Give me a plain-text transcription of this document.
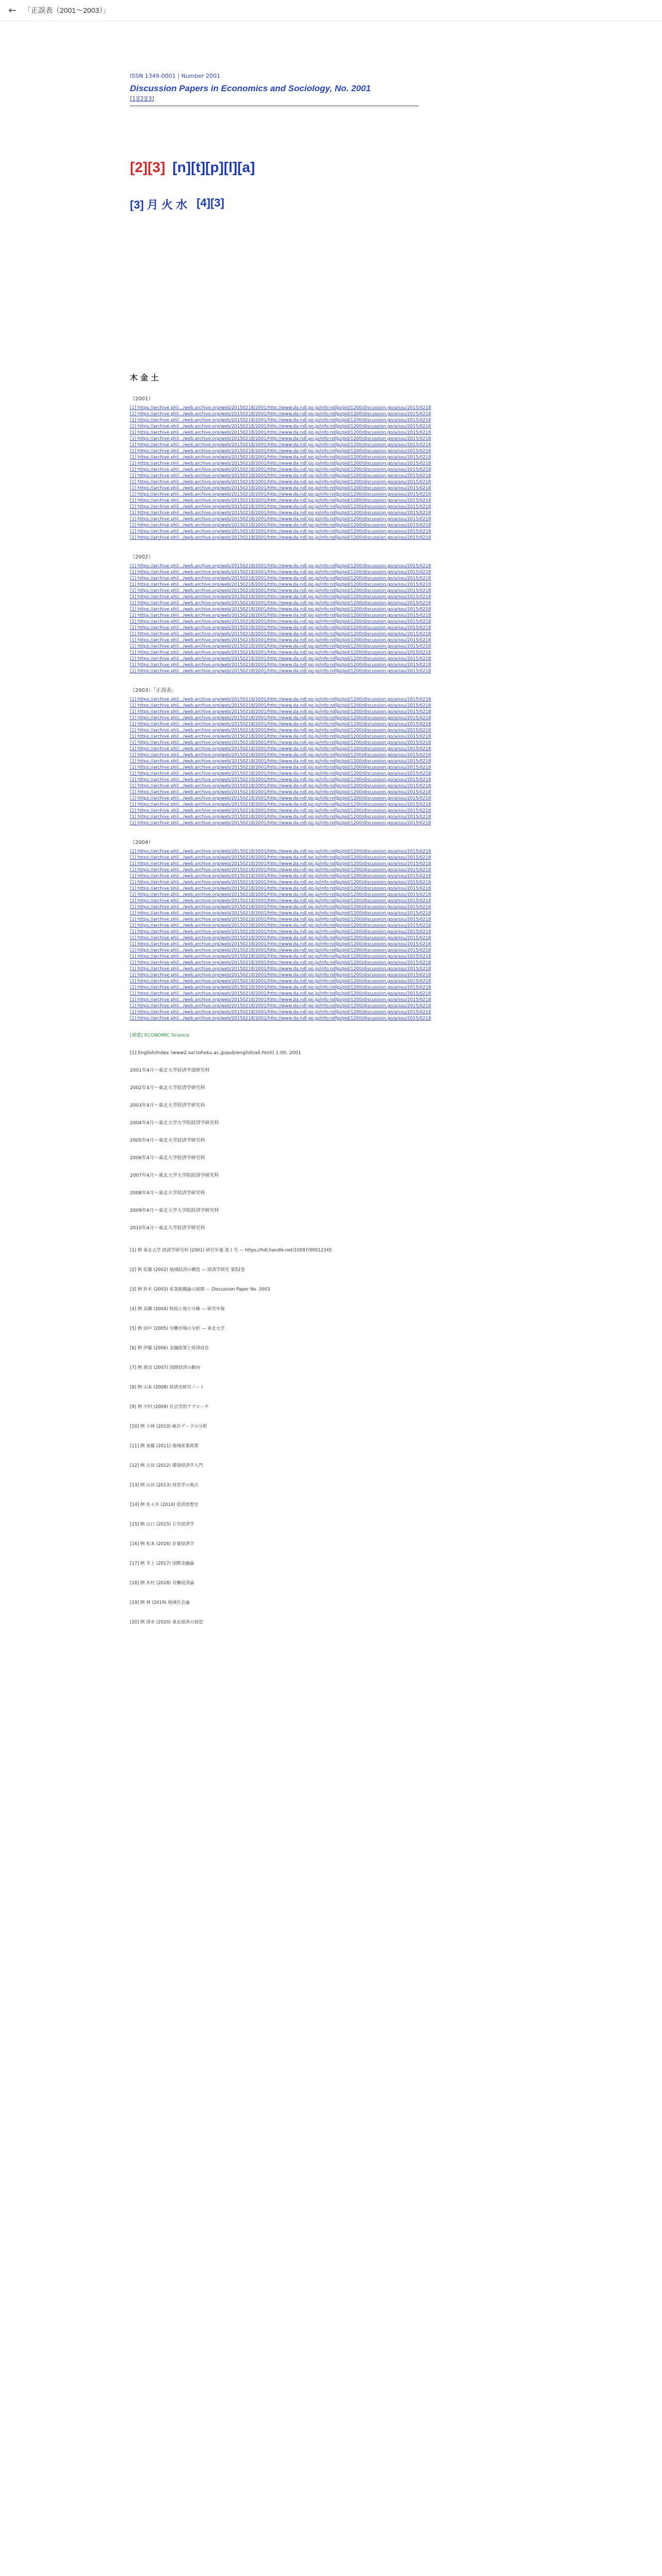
←	「正誤表（2001〜2003）」
ISSN 1349-0001 | Number 2001
Discussion Papers in Economics and Sociology, No. 2001
[1][2][3]
[2][3] [n][t][p][l][a]
[3] 月 火 水 [4][3]
木 金 土
（2001）
[1] https://archive.phil.../web.archive.org/web/20150218/2001/http://www.da.ndl.go.jp/info:ndljp/pid/1200/discussion.go/a/ssu/2015/0218
[1] https://archive.phil.../web.archive.org/web/20150218/2001/http://www.da.ndl.go.jp/info:ndljp/pid/1200/discussion.go/a/ssu/2015/0218
[1] https://archive.phil.../web.archive.org/web/20150218/2001/http://www.da.ndl.go.jp/info:ndljp/pid/1200/discussion.go/a/ssu/2015/0218
[1] https://archive.phil.../web.archive.org/web/20150218/2001/http://www.da.ndl.go.jp/info:ndljp/pid/1200/discussion.go/a/ssu/2015/0218
[1] https://archive.phil.../web.archive.org/web/20150218/2001/http://www.da.ndl.go.jp/info:ndljp/pid/1200/discussion.go/a/ssu/2015/0218
[1] https://archive.phil.../web.archive.org/web/20150218/2001/http://www.da.ndl.go.jp/info:ndljp/pid/1200/discussion.go/a/ssu/2015/0218
[1] https://archive.phil.../web.archive.org/web/20150218/2001/http://www.da.ndl.go.jp/info:ndljp/pid/1200/discussion.go/a/ssu/2015/0218
[1] https://archive.phil.../web.archive.org/web/20150218/2001/http://www.da.ndl.go.jp/info:ndljp/pid/1200/discussion.go/a/ssu/2015/0218
[1] https://archive.phil.../web.archive.org/web/20150218/2001/http://www.da.ndl.go.jp/info:ndljp/pid/1200/discussion.go/a/ssu/2015/0218
[1] https://archive.phil.../web.archive.org/web/20150218/2001/http://www.da.ndl.go.jp/info:ndljp/pid/1200/discussion.go/a/ssu/2015/0218
[1] https://archive.phil.../web.archive.org/web/20150218/2001/http://www.da.ndl.go.jp/info:ndljp/pid/1200/discussion.go/a/ssu/2015/0218
[1] https://archive.phil.../web.archive.org/web/20150218/2001/http://www.da.ndl.go.jp/info:ndljp/pid/1200/discussion.go/a/ssu/2015/0218
[1] https://archive.phil.../web.archive.org/web/20150218/2001/http://www.da.ndl.go.jp/info:ndljp/pid/1200/discussion.go/a/ssu/2015/0218
[1] https://archive.phil.../web.archive.org/web/20150218/2001/http://www.da.ndl.go.jp/info:ndljp/pid/1200/discussion.go/a/ssu/2015/0218
[1] https://archive.phil.../web.archive.org/web/20150218/2001/http://www.da.ndl.go.jp/info:ndljp/pid/1200/discussion.go/a/ssu/2015/0218
[1] https://archive.phil.../web.archive.org/web/20150218/2001/http://www.da.ndl.go.jp/info:ndljp/pid/1200/discussion.go/a/ssu/2015/0218
[1] https://archive.phil.../web.archive.org/web/20150218/2001/http://www.da.ndl.go.jp/info:ndljp/pid/1200/discussion.go/a/ssu/2015/0218
[1] https://archive.phil.../web.archive.org/web/20150218/2001/http://www.da.ndl.go.jp/info:ndljp/pid/1200/discussion.go/a/ssu/2015/0218
[1] https://archive.phil.../web.archive.org/web/20150218/2001/http://www.da.ndl.go.jp/info:ndljp/pid/1200/discussion.go/a/ssu/2015/0218
[1] https://archive.phil.../web.archive.org/web/20150218/2001/http://www.da.ndl.go.jp/info:ndljp/pid/1200/discussion.go/a/ssu/2015/0218
[1] https://archive.phil.../web.archive.org/web/20150218/2001/http://www.da.ndl.go.jp/info:ndljp/pid/1200/discussion.go/a/ssu/2015/0218
[1] https://archive.phil.../web.archive.org/web/20150218/2001/http://www.da.ndl.go.jp/info:ndljp/pid/1200/discussion.go/a/ssu/2015/0218
（2002）
[1] https://archive.phil.../web.archive.org/web/20150218/2001/http://www.da.ndl.go.jp/info:ndljp/pid/1200/discussion.go/a/ssu/2015/0218
[1] https://archive.phil.../web.archive.org/web/20150218/2001/http://www.da.ndl.go.jp/info:ndljp/pid/1200/discussion.go/a/ssu/2015/0218
[1] https://archive.phil.../web.archive.org/web/20150218/2001/http://www.da.ndl.go.jp/info:ndljp/pid/1200/discussion.go/a/ssu/2015/0218
[1] https://archive.phil.../web.archive.org/web/20150218/2001/http://www.da.ndl.go.jp/info:ndljp/pid/1200/discussion.go/a/ssu/2015/0218
[1] https://archive.phil.../web.archive.org/web/20150218/2001/http://www.da.ndl.go.jp/info:ndljp/pid/1200/discussion.go/a/ssu/2015/0218
[1] https://archive.phil.../web.archive.org/web/20150218/2001/http://www.da.ndl.go.jp/info:ndljp/pid/1200/discussion.go/a/ssu/2015/0218
[1] https://archive.phil.../web.archive.org/web/20150218/2001/http://www.da.ndl.go.jp/info:ndljp/pid/1200/discussion.go/a/ssu/2015/0218
[1] https://archive.phil.../web.archive.org/web/20150218/2001/http://www.da.ndl.go.jp/info:ndljp/pid/1200/discussion.go/a/ssu/2015/0218
[1] https://archive.phil.../web.archive.org/web/20150218/2001/http://www.da.ndl.go.jp/info:ndljp/pid/1200/discussion.go/a/ssu/2015/0218
[1] https://archive.phil.../web.archive.org/web/20150218/2001/http://www.da.ndl.go.jp/info:ndljp/pid/1200/discussion.go/a/ssu/2015/0218
[1] https://archive.phil.../web.archive.org/web/20150218/2001/http://www.da.ndl.go.jp/info:ndljp/pid/1200/discussion.go/a/ssu/2015/0218
[1] https://archive.phil.../web.archive.org/web/20150218/2001/http://www.da.ndl.go.jp/info:ndljp/pid/1200/discussion.go/a/ssu/2015/0218
[1] https://archive.phil.../web.archive.org/web/20150218/2001/http://www.da.ndl.go.jp/info:ndljp/pid/1200/discussion.go/a/ssu/2015/0218
[1] https://archive.phil.../web.archive.org/web/20150218/2001/http://www.da.ndl.go.jp/info:ndljp/pid/1200/discussion.go/a/ssu/2015/0218
[1] https://archive.phil.../web.archive.org/web/20150218/2001/http://www.da.ndl.go.jp/info:ndljp/pid/1200/discussion.go/a/ssu/2015/0218
[1] https://archive.phil.../web.archive.org/web/20150218/2001/http://www.da.ndl.go.jp/info:ndljp/pid/1200/discussion.go/a/ssu/2015/0218
[1] https://archive.phil.../web.archive.org/web/20150218/2001/http://www.da.ndl.go.jp/info:ndljp/pid/1200/discussion.go/a/ssu/2015/0218
[1] https://archive.phil.../web.archive.org/web/20150218/2001/http://www.da.ndl.go.jp/info:ndljp/pid/1200/discussion.go/a/ssu/2015/0218
（2003）「正誤表」
[1] https://archive.phil.../web.archive.org/web/20150218/2001/http://www.da.ndl.go.jp/info:ndljp/pid/1200/discussion.go/a/ssu/2015/0218
[1] https://archive.phil.../web.archive.org/web/20150218/2001/http://www.da.ndl.go.jp/info:ndljp/pid/1200/discussion.go/a/ssu/2015/0218
[1] https://archive.phil.../web.archive.org/web/20150218/2001/http://www.da.ndl.go.jp/info:ndljp/pid/1200/discussion.go/a/ssu/2015/0218
[1] https://archive.phil.../web.archive.org/web/20150218/2001/http://www.da.ndl.go.jp/info:ndljp/pid/1200/discussion.go/a/ssu/2015/0218
[1] https://archive.phil.../web.archive.org/web/20150218/2001/http://www.da.ndl.go.jp/info:ndljp/pid/1200/discussion.go/a/ssu/2015/0218
[1] https://archive.phil.../web.archive.org/web/20150218/2001/http://www.da.ndl.go.jp/info:ndljp/pid/1200/discussion.go/a/ssu/2015/0218
[1] https://archive.phil.../web.archive.org/web/20150218/2001/http://www.da.ndl.go.jp/info:ndljp/pid/1200/discussion.go/a/ssu/2015/0218
[1] https://archive.phil.../web.archive.org/web/20150218/2001/http://www.da.ndl.go.jp/info:ndljp/pid/1200/discussion.go/a/ssu/2015/0218
[1] https://archive.phil.../web.archive.org/web/20150218/2001/http://www.da.ndl.go.jp/info:ndljp/pid/1200/discussion.go/a/ssu/2015/0218
[1] https://archive.phil.../web.archive.org/web/20150218/2001/http://www.da.ndl.go.jp/info:ndljp/pid/1200/discussion.go/a/ssu/2015/0218
[1] https://archive.phil.../web.archive.org/web/20150218/2001/http://www.da.ndl.go.jp/info:ndljp/pid/1200/discussion.go/a/ssu/2015/0218
[1] https://archive.phil.../web.archive.org/web/20150218/2001/http://www.da.ndl.go.jp/info:ndljp/pid/1200/discussion.go/a/ssu/2015/0218
[1] https://archive.phil.../web.archive.org/web/20150218/2001/http://www.da.ndl.go.jp/info:ndljp/pid/1200/discussion.go/a/ssu/2015/0218
[1] https://archive.phil.../web.archive.org/web/20150218/2001/http://www.da.ndl.go.jp/info:ndljp/pid/1200/discussion.go/a/ssu/2015/0218
[1] https://archive.phil.../web.archive.org/web/20150218/2001/http://www.da.ndl.go.jp/info:ndljp/pid/1200/discussion.go/a/ssu/2015/0218
[1] https://archive.phil.../web.archive.org/web/20150218/2001/http://www.da.ndl.go.jp/info:ndljp/pid/1200/discussion.go/a/ssu/2015/0218
[1] https://archive.phil.../web.archive.org/web/20150218/2001/http://www.da.ndl.go.jp/info:ndljp/pid/1200/discussion.go/a/ssu/2015/0218
[1] https://archive.phil.../web.archive.org/web/20150218/2001/http://www.da.ndl.go.jp/info:ndljp/pid/1200/discussion.go/a/ssu/2015/0218
[1] https://archive.phil.../web.archive.org/web/20150218/2001/http://www.da.ndl.go.jp/info:ndljp/pid/1200/discussion.go/a/ssu/2015/0218
[1] https://archive.phil.../web.archive.org/web/20150218/2001/http://www.da.ndl.go.jp/info:ndljp/pid/1200/discussion.go/a/ssu/2015/0218
[1] https://archive.phil.../web.archive.org/web/20150218/2001/http://www.da.ndl.go.jp/info:ndljp/pid/1200/discussion.go/a/ssu/2015/0218
（2004）
[1] https://archive.phil.../web.archive.org/web/20150218/2001/http://www.da.ndl.go.jp/info:ndljp/pid/1200/discussion.go/a/ssu/2015/0218
[1] https://archive.phil.../web.archive.org/web/20150218/2001/http://www.da.ndl.go.jp/info:ndljp/pid/1200/discussion.go/a/ssu/2015/0218
[1] https://archive.phil.../web.archive.org/web/20150218/2001/http://www.da.ndl.go.jp/info:ndljp/pid/1200/discussion.go/a/ssu/2015/0218
[1] https://archive.phil.../web.archive.org/web/20150218/2001/http://www.da.ndl.go.jp/info:ndljp/pid/1200/discussion.go/a/ssu/2015/0218
[1] https://archive.phil.../web.archive.org/web/20150218/2001/http://www.da.ndl.go.jp/info:ndljp/pid/1200/discussion.go/a/ssu/2015/0218
[1] https://archive.phil.../web.archive.org/web/20150218/2001/http://www.da.ndl.go.jp/info:ndljp/pid/1200/discussion.go/a/ssu/2015/0218
[1] https://archive.phil.../web.archive.org/web/20150218/2001/http://www.da.ndl.go.jp/info:ndljp/pid/1200/discussion.go/a/ssu/2015/0218
[1] https://archive.phil.../web.archive.org/web/20150218/2001/http://www.da.ndl.go.jp/info:ndljp/pid/1200/discussion.go/a/ssu/2015/0218
[1] https://archive.phil.../web.archive.org/web/20150218/2001/http://www.da.ndl.go.jp/info:ndljp/pid/1200/discussion.go/a/ssu/2015/0218
[1] https://archive.phil.../web.archive.org/web/20150218/2001/http://www.da.ndl.go.jp/info:ndljp/pid/1200/discussion.go/a/ssu/2015/0218
[1] https://archive.phil.../web.archive.org/web/20150218/2001/http://www.da.ndl.go.jp/info:ndljp/pid/1200/discussion.go/a/ssu/2015/0218
[1] https://archive.phil.../web.archive.org/web/20150218/2001/http://www.da.ndl.go.jp/info:ndljp/pid/1200/discussion.go/a/ssu/2015/0218
[1] https://archive.phil.../web.archive.org/web/20150218/2001/http://www.da.ndl.go.jp/info:ndljp/pid/1200/discussion.go/a/ssu/2015/0218
[1] https://archive.phil.../web.archive.org/web/20150218/2001/http://www.da.ndl.go.jp/info:ndljp/pid/1200/discussion.go/a/ssu/2015/0218
[1] https://archive.phil.../web.archive.org/web/20150218/2001/http://www.da.ndl.go.jp/info:ndljp/pid/1200/discussion.go/a/ssu/2015/0218
[1] https://archive.phil.../web.archive.org/web/20150218/2001/http://www.da.ndl.go.jp/info:ndljp/pid/1200/discussion.go/a/ssu/2015/0218
[1] https://archive.phil.../web.archive.org/web/20150218/2001/http://www.da.ndl.go.jp/info:ndljp/pid/1200/discussion.go/a/ssu/2015/0218
[1] https://archive.phil.../web.archive.org/web/20150218/2001/http://www.da.ndl.go.jp/info:ndljp/pid/1200/discussion.go/a/ssu/2015/0218
[1] https://archive.phil.../web.archive.org/web/20150218/2001/http://www.da.ndl.go.jp/info:ndljp/pid/1200/discussion.go/a/ssu/2015/0218
[1] https://archive.phil.../web.archive.org/web/20150218/2001/http://www.da.ndl.go.jp/info:ndljp/pid/1200/discussion.go/a/ssu/2015/0218
[1] https://archive.phil.../web.archive.org/web/20150218/2001/http://www.da.ndl.go.jp/info:ndljp/pid/1200/discussion.go/a/ssu/2015/0218
[1] https://archive.phil.../web.archive.org/web/20150218/2001/http://www.da.ndl.go.jp/info:ndljp/pid/1200/discussion.go/a/ssu/2015/0218
[1] https://archive.phil.../web.archive.org/web/20150218/2001/http://www.da.ndl.go.jp/info:ndljp/pid/1200/discussion.go/a/ssu/2015/0218
[1] https://archive.phil.../web.archive.org/web/20150218/2001/http://www.da.ndl.go.jp/info:ndljp/pid/1200/discussion.go/a/ssu/2015/0218
[1] https://archive.phil.../web.archive.org/web/20150218/2001/http://www.da.ndl.go.jp/info:ndljp/pid/1200/discussion.go/a/ssu/2015/0218
[1] https://archive.phil.../web.archive.org/web/20150218/2001/http://www.da.ndl.go.jp/info:ndljp/pid/1200/discussion.go/a/ssu/2015/0218
[1] https://archive.phil.../web.archive.org/web/20150218/2001/http://www.da.ndl.go.jp/info:ndljp/pid/1200/discussion.go/a/ssu/2015/0218
[1] https://archive.phil.../web.archive.org/web/20150218/2001/http://www.da.ndl.go.jp/info:ndljp/pid/1200/discussion.go/a/ssu/2015/0218
[補遺] ECONOMIC Science
[1] English/Index (www2.sal.tohoku.ac.jp/pub/english/all.html) 1-00, 2001
2001年4月〜東北大学経済学部研究科
2002年4月〜東北大学経済学研究科
2003年4月〜東北大学経済学研究科
2004年4月〜東北大学大学院経済学研究科
2005年4月〜東北大学経済学研究科
2006年4月〜東北大学経済学研究科
2007年4月〜東北大学大学院経済学研究科
2008年4月〜東北大学経済学研究科
2009年4月〜東北大学大学院経済学研究科
2010年4月〜東北大学経済学研究科
[1] 例 東北大学 経済学研究科 (2001) 研究年報 第１号 — https://hdl.handle.net/10097/00012345
[2] 例 佐藤 (2002) 地域経済の構造 — 経済学研究 第52巻
[3] 例 鈴木 (2003) 産業組織論の展開 — Discussion Paper No. 2003
[4] 例 高橋 (2004) 財政と地方分権 — 研究年報
[5] 例 田中 (2005) 労働市場の分析 — 東北大学
[6] 例 伊藤 (2006) 金融政策と経済成長
[7] 例 渡辺 (2007) 国際経済の動向
[8] 例 山本 (2008) 経済史研究ノート
[9] 例 中村 (2009) 社会学的アプローチ
[10] 例 小林 (2010) 統計データの分析
[11] 例 加藤 (2011) 地域産業政策
[12] 例 吉田 (2012) 環境経済学入門
[13] 例 山田 (2013) 経営学の視点
[14] 例 佐々木 (2014) 経済思想史
[15] 例 山口 (2015) 公共経済学
[16] 例 松本 (2016) 計量経済学
[17] 例 井上 (2017) 国際金融論
[18] 例 木村 (2018) 労働経済論
[19] 例 林 (2019) 地域社会論
[20] 例 清水 (2020) 東北経済の展望
